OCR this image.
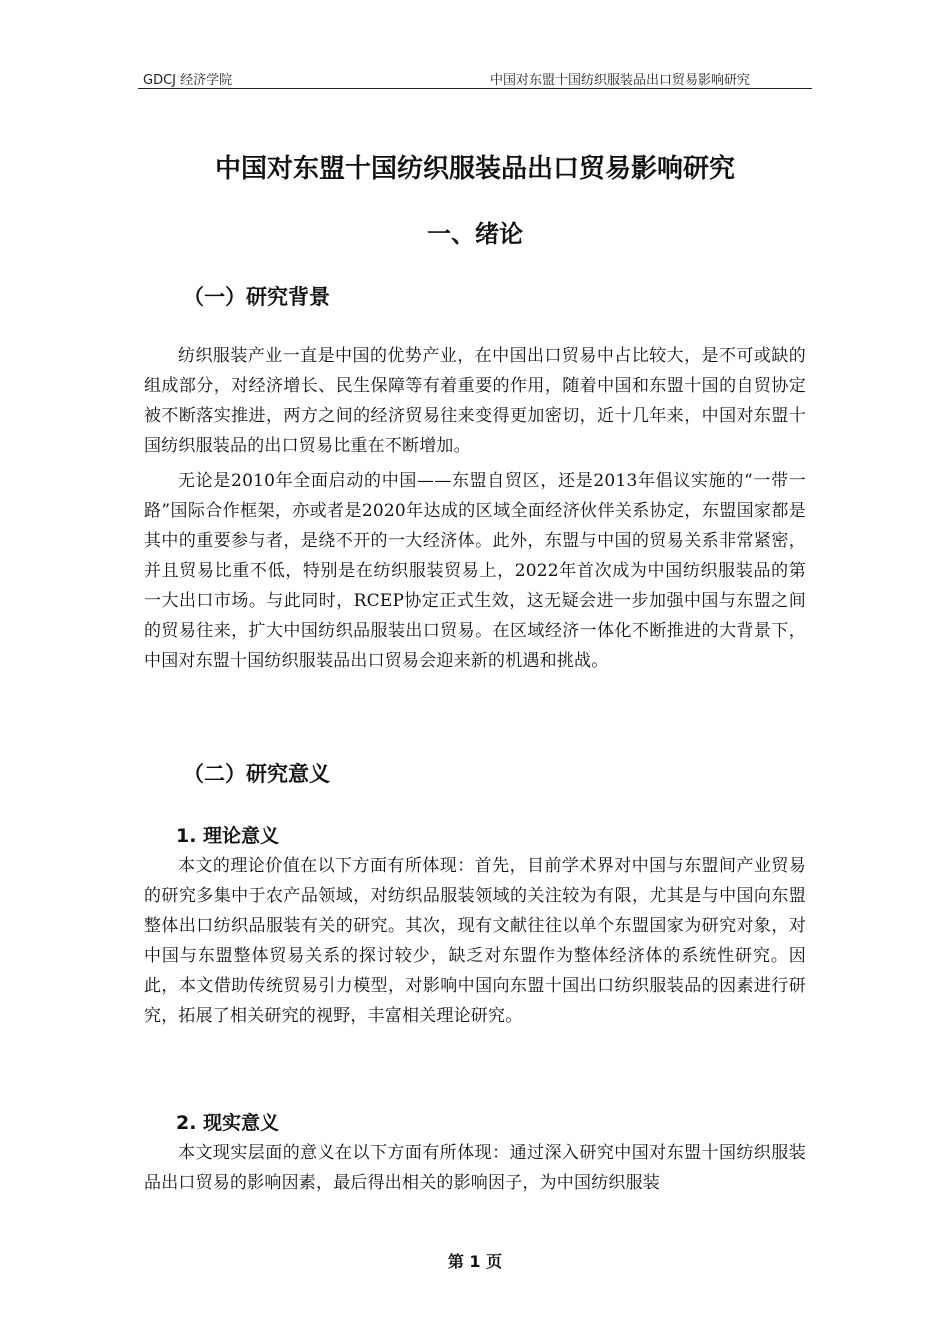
GDCJ 经济学院	中国对东盟十国纺织服装品出口贸易影响研究
中国对东盟十国纺织服装品出口贸易影响研究
一、绪论
（一）研究背景

纺织服装产业一直是中国的优势产业，在中国出口贸易中占比较大，是不可或缺的组成部分，对经济增长、民生保障等有着重要的作用，随着中国和东盟十国的自贸协定被不断落实推进，两方之间的经济贸易往来变得更加密切，近十几年来，中国对东盟十国纺织服装品的出口贸易比重在不断增加。

无论是2010年全面启动的中国——东盟自贸区，还是2013年倡议实施的“一带一路”国际合作框架，亦或者是2020年达成的区域全面经济伙伴关系协定，东盟国家都是其中的重要参与者，是绕不开的一大经济体。此外，东盟与中国的贸易关系非常紧密，并且贸易比重不低，特别是在纺织服装贸易上，2022年首次成为中国纺织服装品的第一大出口市场。与此同时，RCEP协定正式生效，这无疑会进一步加强中国与东盟之间的贸易往来，扩大中国纺织品服装出口贸易。在区域经济一体化不断推进的大背景下，中国对东盟十国纺织服装品出口贸易会迎来新的机遇和挑战。

（二）研究意义
1. 理论意义

本文的理论价值在以下方面有所体现：首先，目前学术界对中国与东盟间产业贸易的研究多集中于农产品领域，对纺织品服装领域的关注较为有限，尤其是与中国向东盟整体出口纺织品服装有关的研究。其次，现有文献往往以单个东盟国家为研究对象，对中国与东盟整体贸易关系的探讨较少，缺乏对东盟作为整体经济体的系统性研究。因此，本文借助传统贸易引力模型，对影响中国向东盟十国出口纺织服装品的因素进行研究，拓展了相关研究的视野，丰富相关理论研究。

2. 现实意义

本文现实层面的意义在以下方面有所体现：通过深入研究中国对东盟十国纺织服装品出口贸易的影响因素，最后得出相关的影响因子，为中国纺织服装

第 1 页
